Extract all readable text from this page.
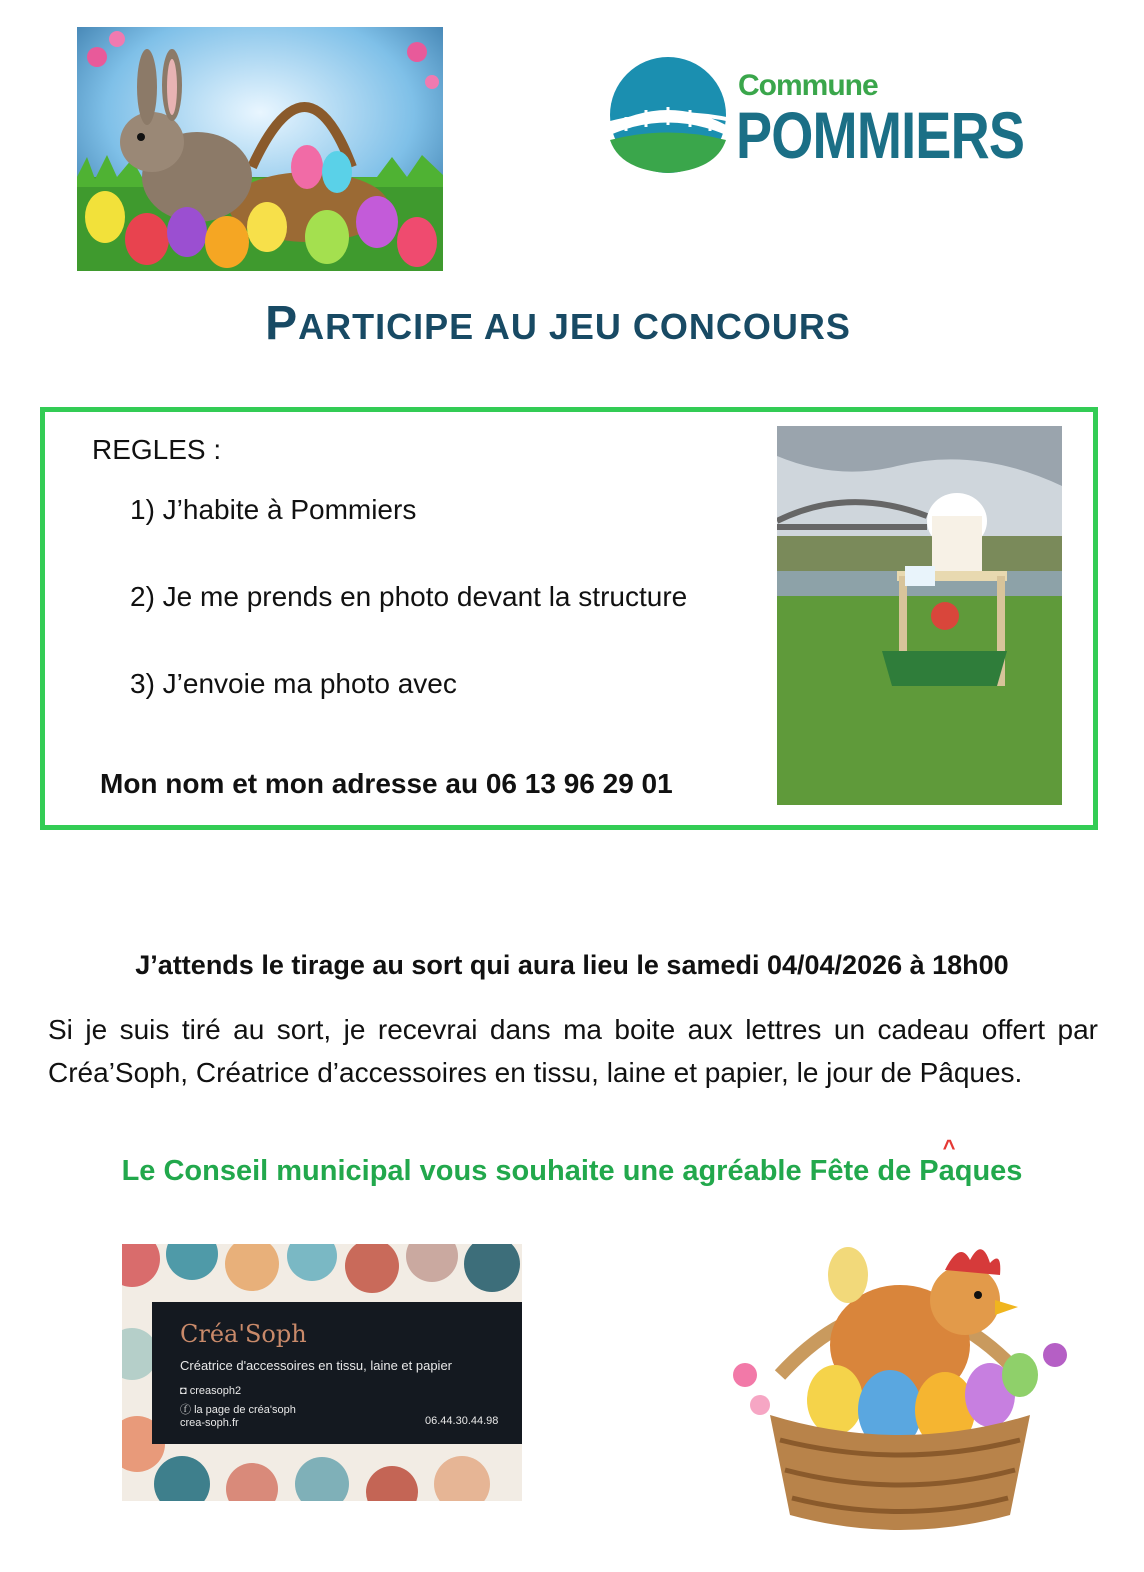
Commune
POMMIERS
PARTICIPE AU JEU CONCOURS
REGLES :
1) J’habite à Pommiers
2) Je me prends en photo devant la structure
3) J’envoie ma photo avec
Mon nom et mon adresse au 06 13 96 29 01
J’attends le tirage au sort qui aura lieu le samedi 04/04/2026 à 18h00
Si je suis tiré au sort, je recevrai dans ma boite aux lettres un cadeau offert par Créa’Soph, Créatrice d’accessoires en tissu, laine et papier, le jour de Pâques.
Le Conseil municipal vous souhaite une agréable Fête de P^ aques
Créa'Soph
Créatrice d'accessoires en tissu, laine et papier
◘ creasoph2
ⓕ la page de créa'soph
crea-soph.fr	06.44.30.44.98
